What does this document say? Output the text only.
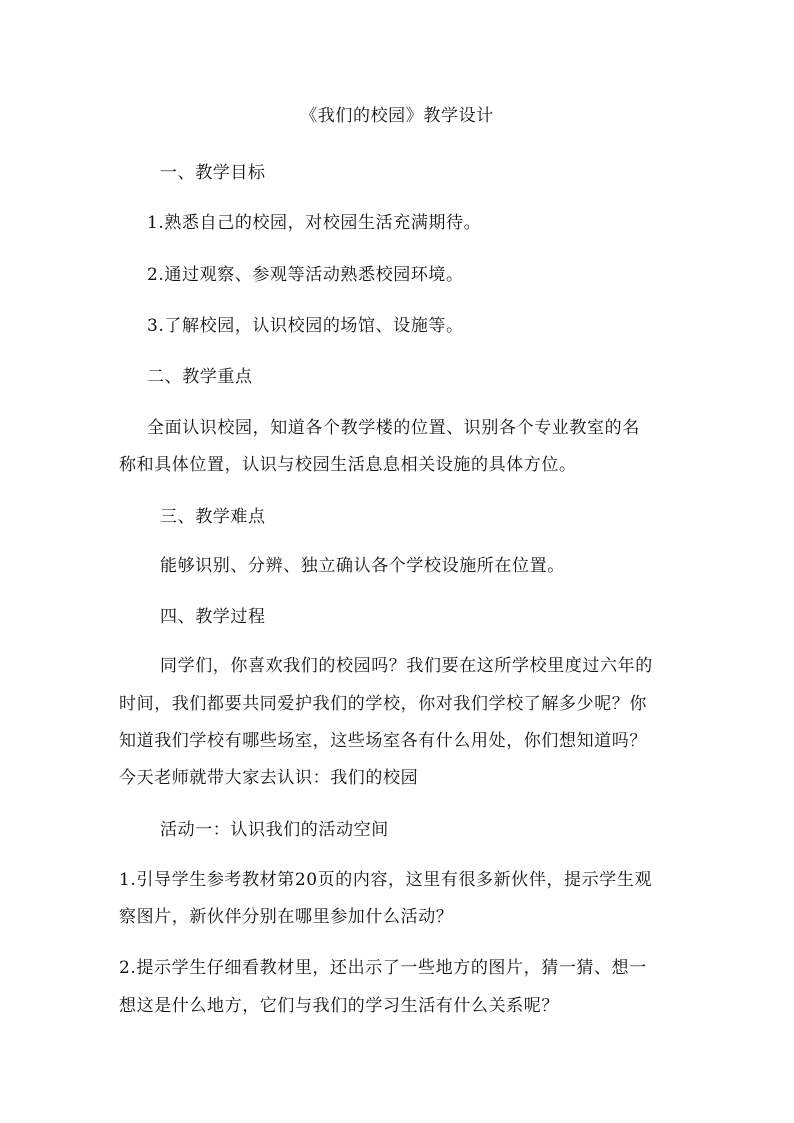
《我们的校园》教学设计
一、教学目标
1.熟悉自己的校园，对校园生活充满期待。
2.通过观察、参观等活动熟悉校园环境。
3.了解校园，认识校园的场馆、设施等。
二、教学重点
全面认识校园，知道各个教学楼的位置、识别各个专业教室的名
称和具体位置，认识与校园生活息息相关设施的具体方位。
三、教学难点
能够识别、分辨、独立确认各个学校设施所在位置。
四、教学过程
同学们，你喜欢我们的校园吗？我们要在这所学校里度过六年的
时间，我们都要共同爱护我们的学校，你对我们学校了解多少呢？你
知道我们学校有哪些场室，这些场室各有什么用处，你们想知道吗？
今天老师就带大家去认识：我们的校园
活动一：认识我们的活动空间
1.引导学生参考教材第20页的内容，这里有很多新伙伴，提示学生观
察图片，新伙伴分别在哪里参加什么活动？
2.提示学生仔细看教材里，还出示了一些地方的图片，猜一猜、想一
想这是什么地方，它们与我们的学习生活有什么关系呢？
